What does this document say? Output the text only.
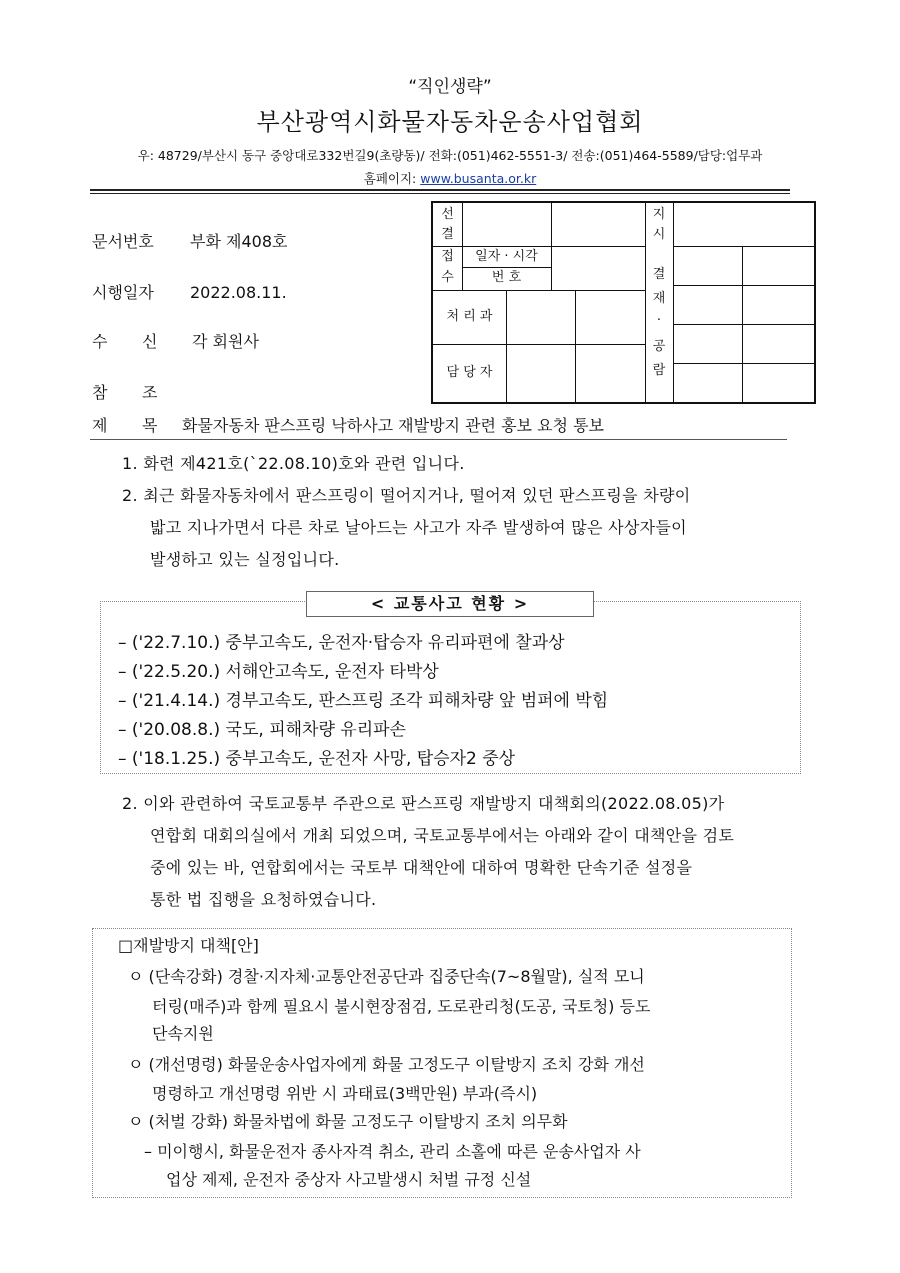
“직인생략”
부산광역시화물자동차운송사업협회
우: 48729/부산시 동구 중앙대로332번길9(초량동)/ 전화:(051)462-5551-3/ 전송:(051)464-5589/담당:업무과
홈페이지: www.busanta.or.kr
문서번호 부화 제408호
시행일자 2022.08.11.
수 신 각 회원사
참 조
제 목 화물자동차 판스프링 낙하사고 재발방지 관련 홍보 요청 통보
선
결
지
시
접
수
일자 · 시각
번 호
처 리 과
담 당 자
결
재
·
공
람
1. 화련 제421호(`22.08.10)호와 관련 입니다.
2. 최근 화물자동차에서 판스프링이 떨어지거나, 떨어져 있던 판스프링을 차량이
밟고 지나가면서 다른 차로 날아드는 사고가 자주 발생하여 많은 사상자들이
발생하고 있는 실정입니다.
< 교통사고 현황 >
– ('22.7.10.) 중부고속도, 운전자·탑승자 유리파편에 찰과상
– ('22.5.20.) 서해안고속도, 운전자 타박상
– ('21.4.14.) 경부고속도, 판스프링 조각 피해차량 앞 범퍼에 박힘
– ('20.08.8.) 국도, 피해차량 유리파손
– ('18.1.25.) 중부고속도, 운전자 사망, 탑승자2 중상
2. 이와 관련하여 국토교통부 주관으로 판스프링 재발방지 대책회의(2022.08.05)가
연합회 대회의실에서 개최 되었으며, 국토교통부에서는 아래와 같이 대책안을 검토
중에 있는 바, 연합회에서는 국토부 대책안에 대하여 명확한 단속기준 설정을
통한 법 집행을 요청하였습니다.
□재발방지 대책[안]
ㅇ (단속강화) 경찰·지자체·교통안전공단과 집중단속(7~8월말), 실적 모니
터링(매주)과 함께 필요시 불시현장점검, 도로관리청(도공, 국토청) 등도
단속지원
ㅇ (개선명령) 화물운송사업자에게 화물 고정도구 이탈방지 조치 강화 개선
명령하고 개선명령 위반 시 과태료(3백만원) 부과(즉시)
ㅇ (처벌 강화) 화물차법에 화물 고정도구 이탈방지 조치 의무화
– 미이행시, 화물운전자 종사자격 취소, 관리 소홀에 따른 운송사업자 사
업상 제제, 운전자 중상자 사고발생시 처벌 규정 신설
